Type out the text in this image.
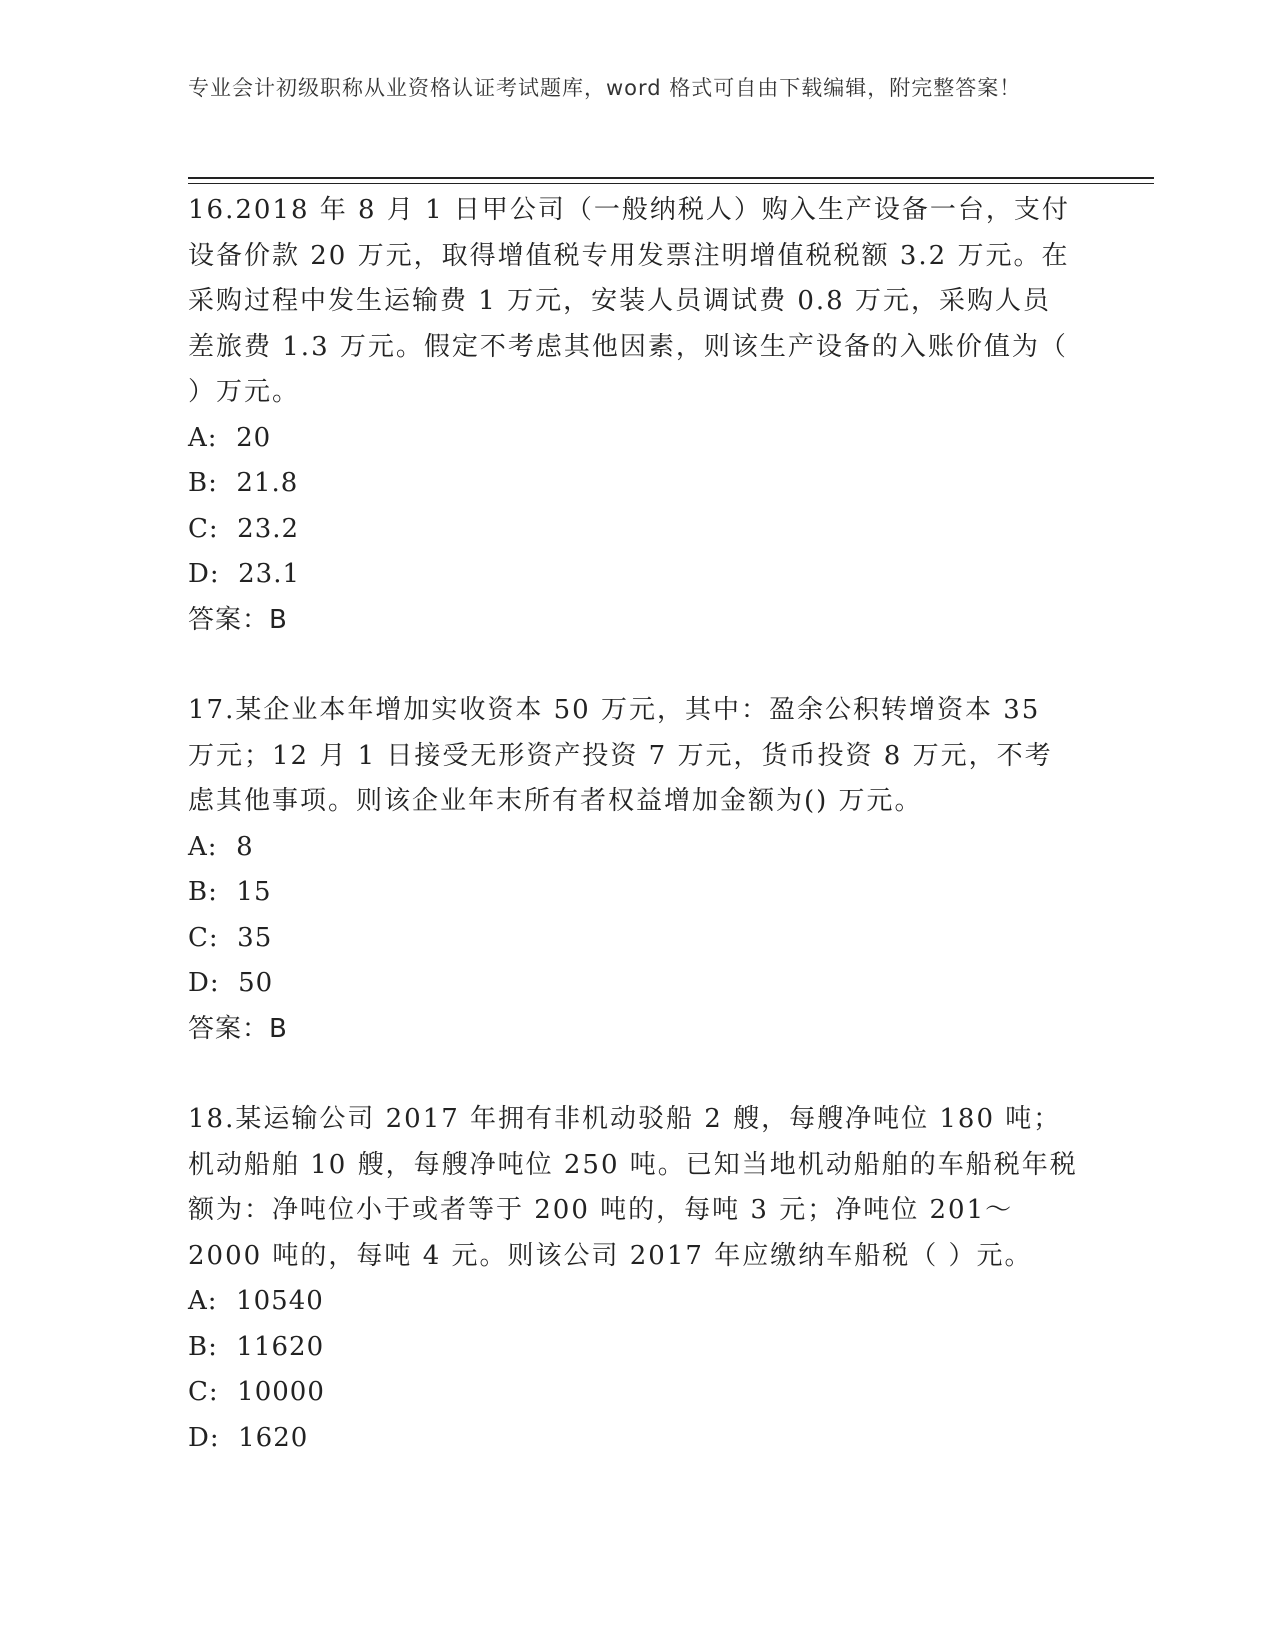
专业会计初级职称从业资格认证考试题库，word 格式可自由下载编辑，附完整答案！

16.2018 年 8 月 1 日甲公司（一般纳税人）购入生产设备一台，支付设备价款 20 万元，取得增值税专用发票注明增值税税额 3.2 万元。在采购过程中发生运输费 1 万元，安装人员调试费 0.8 万元，采购人员差旅费 1.3 万元。假定不考虑其他因素，则该生产设备的入账价值为（ ）万元。

A:  20

B:  21.8

C:  23.2

D:  23.1

答案：B

17.某企业本年增加实收资本 50 万元，其中：盈余公积转增资本 35 万元；12 月 1 日接受无形资产投资 7 万元，货币投资 8 万元，不考虑其他事项。则该企业年末所有者权益增加金额为() 万元。

A:  8

B:  15

C:  35

D:  50

答案：B

18.某运输公司 2017 年拥有非机动驳船 2 艘，每艘净吨位 180 吨；机动船舶 10 艘，每艘净吨位 250 吨。已知当地机动船舶的车船税年税额为：净吨位小于或者等于 200 吨的，每吨 3 元；净吨位 201～2000 吨的，每吨 4 元。则该公司 2017 年应缴纳车船税（ ）元。

A:  10540

B:  11620

C:  10000

D:  1620
